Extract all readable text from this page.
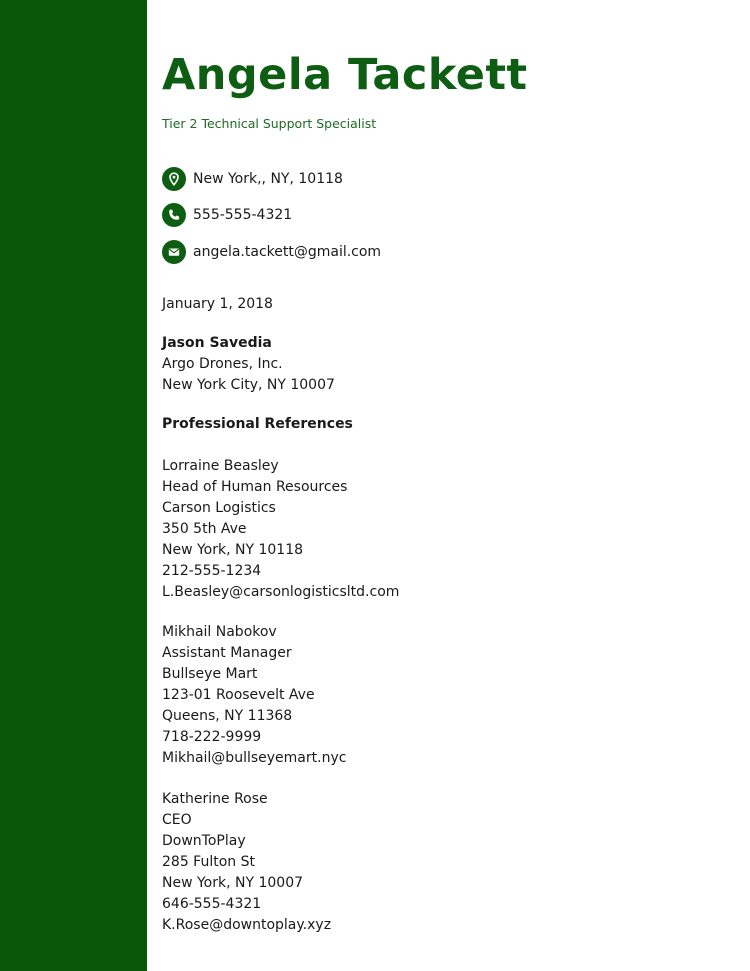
Angela Tackett
Tier 2 Technical Support Specialist
New York,, NY, 10118
555-555-4321
angela.tackett@gmail.com
January 1, 2018
Jason Savedia
Argo Drones, Inc.
New York City, NY 10007
Professional References
Lorraine Beasley
Head of Human Resources
Carson Logistics
350 5th Ave
New York, NY 10118
212-555-1234
L.Beasley@carsonlogisticsltd.com
Mikhail Nabokov
Assistant Manager
Bullseye Mart
123-01 Roosevelt Ave
Queens, NY 11368
718-222-9999
Mikhail@bullseyemart.nyc
Katherine Rose
CEO
DownToPlay
285 Fulton St
New York, NY 10007
646-555-4321
K.Rose@downtoplay.xyz
